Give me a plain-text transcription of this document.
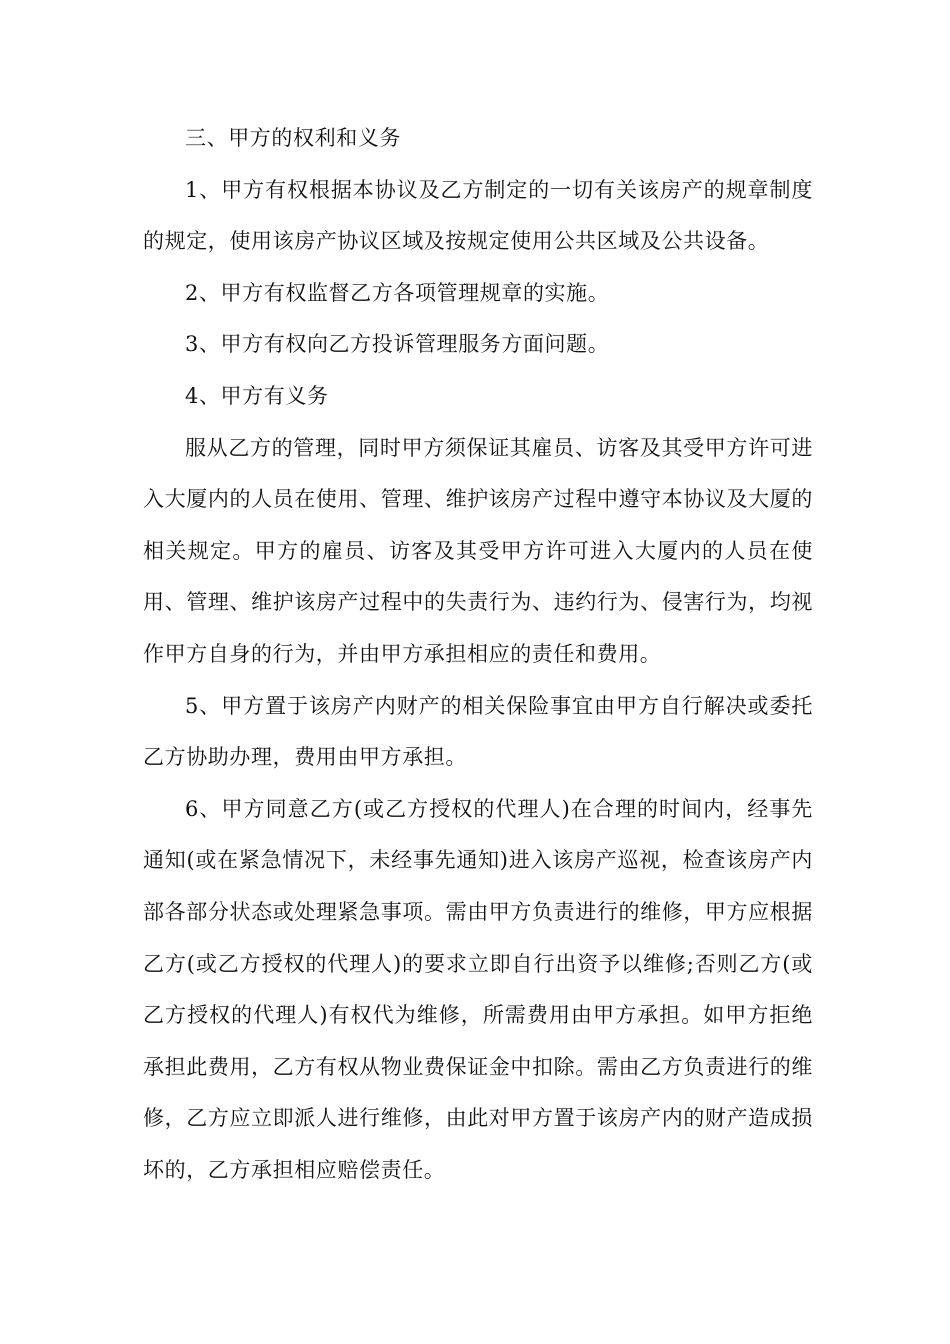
三、甲方的权利和义务

1、甲方有权根据本协议及乙方制定的一切有关该房产的规章制度的规定，使用该房产协议区域及按规定使用公共区域及公共设备。

2、甲方有权监督乙方各项管理规章的实施。

3、甲方有权向乙方投诉管理服务方面问题。

4、甲方有义务

服从乙方的管理，同时甲方须保证其雇员、访客及其受甲方许可进入大厦内的人员在使用、管理、维护该房产过程中遵守本协议及大厦的相关规定。甲方的雇员、访客及其受甲方许可进入大厦内的人员在使用、管理、维护该房产过程中的失责行为、违约行为、侵害行为，均视作甲方自身的行为，并由甲方承担相应的责任和费用。

5、甲方置于该房产内财产的相关保险事宜由甲方自行解决或委托乙方协助办理，费用由甲方承担。

6、甲方同意乙方(或乙方授权的代理人)在合理的时间内，经事先通知(或在紧急情况下，未经事先通知)进入该房产巡视，检查该房产内部各部分状态或处理紧急事项。需由甲方负责进行的维修，甲方应根据乙方(或乙方授权的代理人)的要求立即自行出资予以维修;否则乙方(或乙方授权的代理人)有权代为维修，所需费用由甲方承担。如甲方拒绝承担此费用，乙方有权从物业费保证金中扣除。需由乙方负责进行的维修，乙方应立即派人进行维修，由此对甲方置于该房产内的财产造成损坏的，乙方承担相应赔偿责任。
